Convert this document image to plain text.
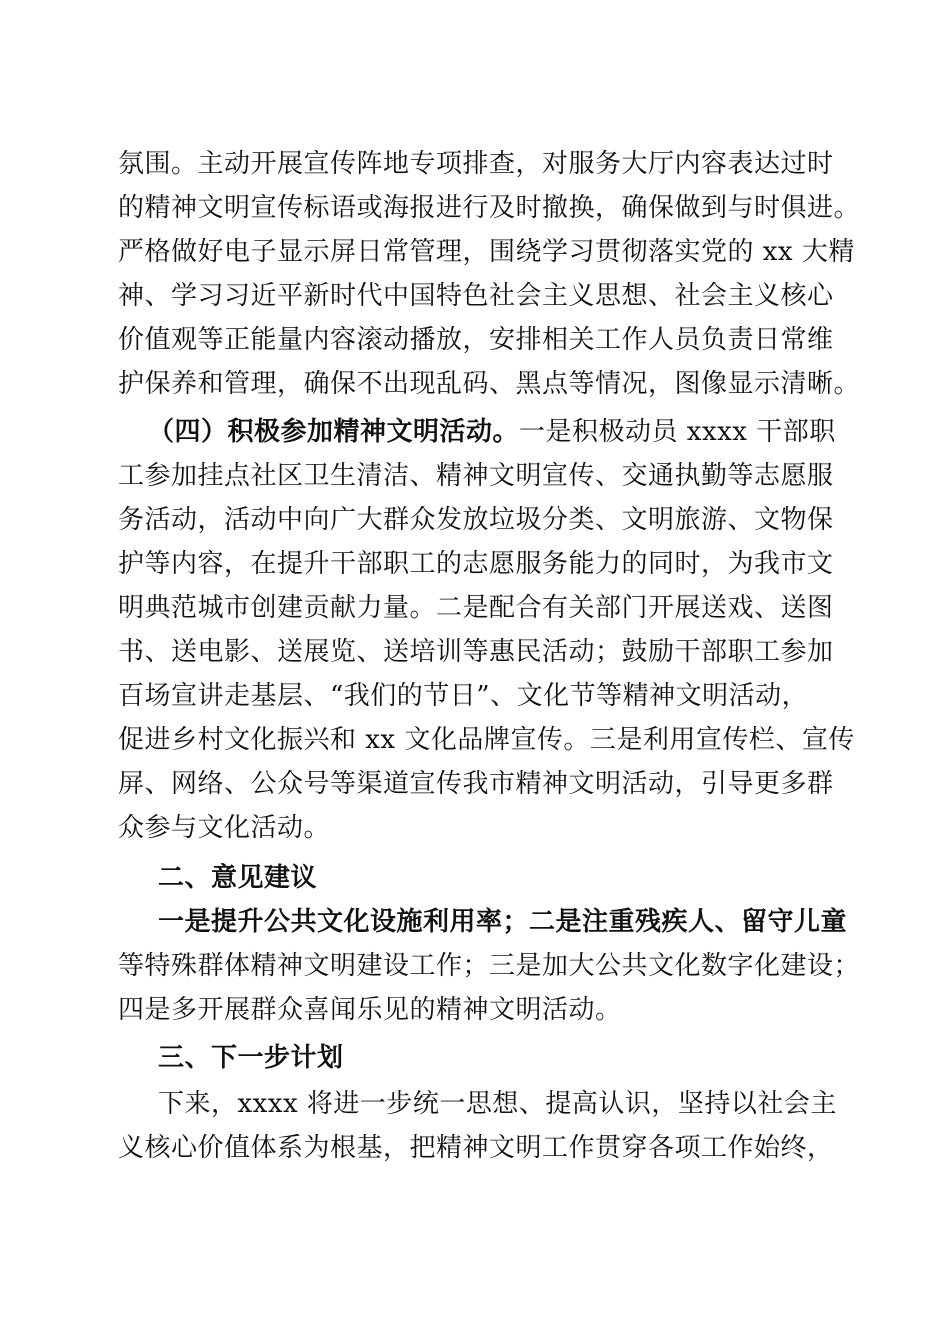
氛围。主动开展宣传阵地专项排查，对服务大厅内容表达过时
的精神文明宣传标语或海报进行及时撤换，确保做到与时俱进。
严格做好电子显示屏日常管理，围绕学习贯彻落实党的 xx 大精
神、学习习近平新时代中国特色社会主义思想、社会主义核心
价值观等正能量内容滚动播放，安排相关工作人员负责日常维
护保养和管理，确保不出现乱码、黑点等情况，图像显示清晰。
（四）积极参加精神文明活动。一是积极动员 xxxx 干部职
工参加挂点社区卫生清洁、精神文明宣传、交通执勤等志愿服
务活动，活动中向广大群众发放垃圾分类、文明旅游、文物保
护等内容，在提升干部职工的志愿服务能力的同时，为我市文
明典范城市创建贡献力量。二是配合有关部门开展送戏、送图
书、送电影、送展览、送培训等惠民活动；鼓励干部职工参加
百场宣讲走基层、“我们的节日”、文化节等精神文明活动，
促进乡村文化振兴和 xx 文化品牌宣传。三是利用宣传栏、宣传
屏、网络、公众号等渠道宣传我市精神文明活动，引导更多群
众参与文化活动。
二、意见建议
一是提升公共文化设施利用率；二是注重残疾人、留守儿童
等特殊群体精神文明建设工作；三是加大公共文化数字化建设；
四是多开展群众喜闻乐见的精神文明活动。
三、下一步计划
下来，xxxx 将进一步统一思想、提高认识，坚持以社会主
义核心价值体系为根基，把精神文明工作贯穿各项工作始终，
